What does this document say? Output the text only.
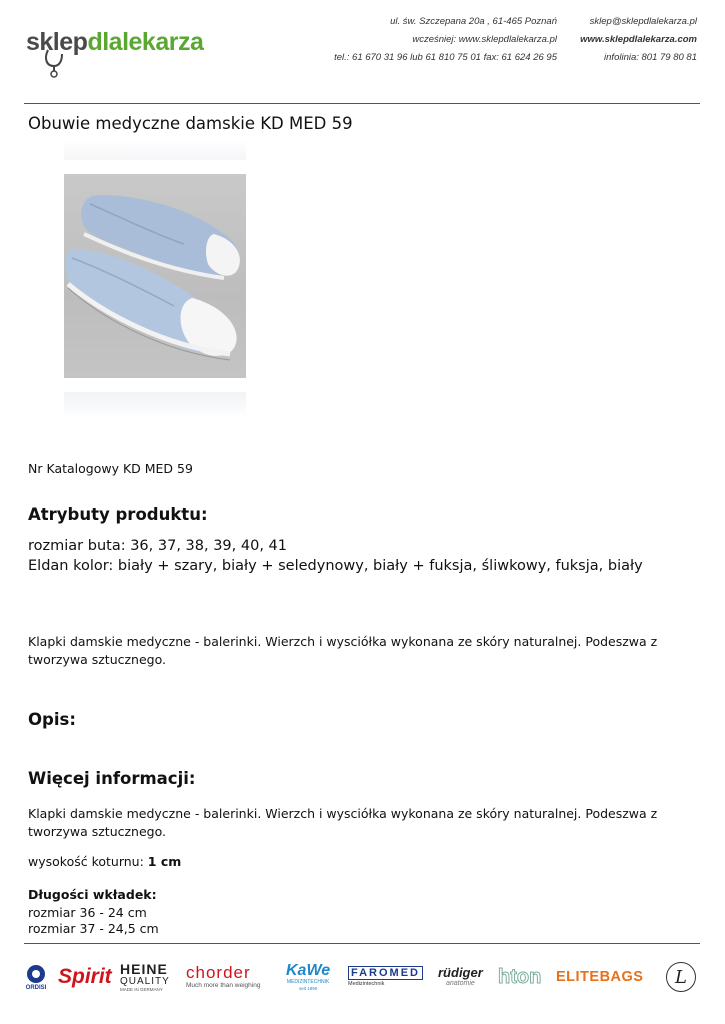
sklepdlalekarza
ul. św. Szczepana 20a , 61-465 Poznań
wcześniej: www.sklepdlalekarza.pl
tel.: 61 670 31 96 lub 61 810 75 01 fax: 61 624 26 95
sklep@sklepdlalekarza.pl
www.sklepdlalekarza.com
infolinia: 801 79 80 81
Obuwie medyczne damskie KD MED 59
Nr Katalogowy KD MED 59
Atrybuty produktu:
rozmiar buta: 36, 37, 38, 39, 40, 41
Eldan kolor: biały + szary, biały + seledynowy, biały + fuksja, śliwkowy, fuksja, biały
Klapki damskie medyczne - balerinki. Wierzch i wysciółka wykonana ze skóry naturalnej. Podeszwa z tworzywa sztucznego.
Opis:
Więcej informacji:
Klapki damskie medyczne - balerinki. Wierzch i wysciółka wykonana ze skóry naturalnej. Podeszwa z tworzywa sztucznego.
wysokość koturnu: 1 cm
Długości wkładek:
rozmiar 36 - 24 cm
rozmiar 37 - 24,5 cm
ORDISI Spirit HEINE
QUALITY
MADE IN GERMANY
chorder
Much more than weighing
KaWe
MEDIZINTECHNIK
seit 1890
FAROMED
Medizintechnik
rüdiger
anatomie hton ELITEBAGS L
